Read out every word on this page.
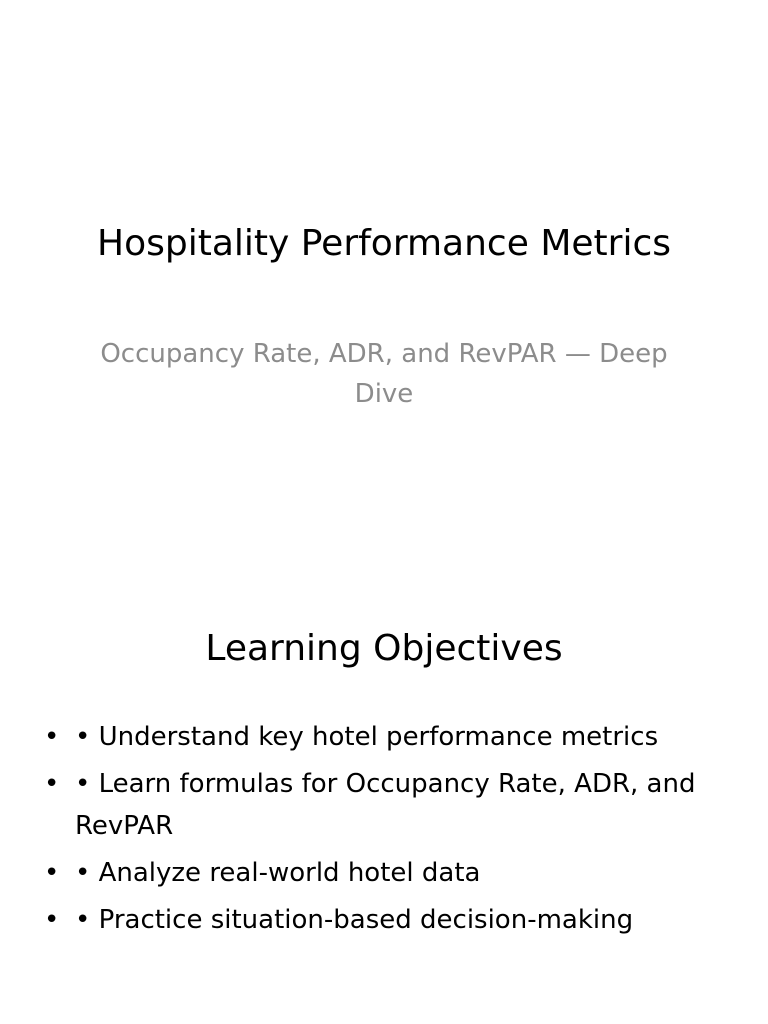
Hospitality Performance Metrics
Occupancy Rate, ADR, and RevPAR — Deep Dive
Learning Objectives
• • Understand key hotel performance metrics
• • Learn formulas for Occupancy Rate, ADR, and RevPAR
• • Analyze real-world hotel data
• • Practice situation-based decision-making
